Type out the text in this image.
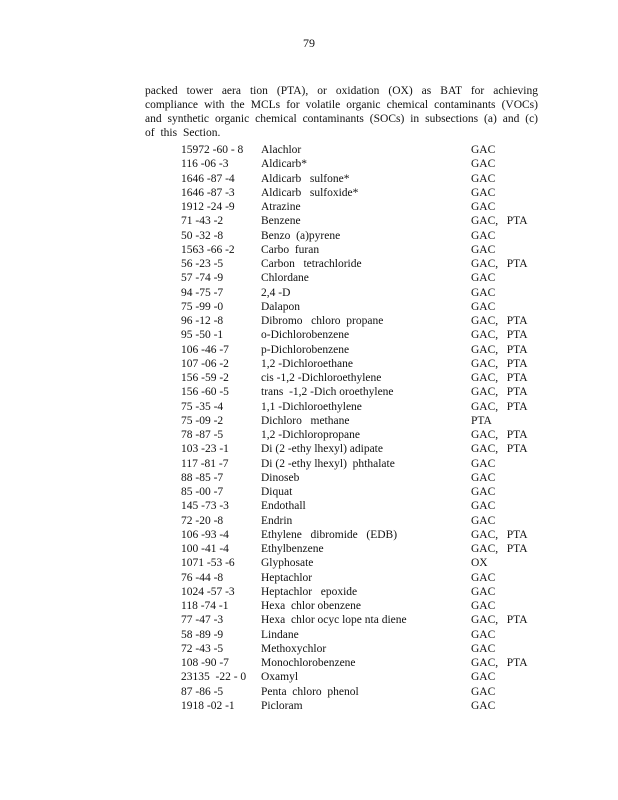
79

packed tower aera tion (PTA), or oxidation (OX) as BAT for achieving compliance with the MCLs for volatile organic chemical contaminants (VOCs) and synthetic organic chemical contaminants (SOCs) in subsections (a) and (c) of this Section.

15972 -60 - 8 Alachlor	GAC
116 -06 -3	Aldicarb*	GAC
1646 -87 -4 Aldicarb   sulfone*	GAC
1646 -87 -3 Aldicarb   sulfoxide*	GAC
1912 -24 -9 Atrazine	GAC
71 -43 -2	Benzene	GAC,   PTA
50 -32 -8	Benzo  (a)pyrene	GAC
1563 -66 -2 Carbo  furan	GAC
56 -23 -5	Carbon   tetrachloride	GAC,   PTA
57 -74 -9	Chlordane	GAC
94 -75 -7	2,4 -D	GAC
75 -99 -0	Dalapon	GAC
96 -12 -8	Dibromo   chloro  propane	GAC,   PTA
95 -50 -1	o-Dichlorobenzene	GAC,   PTA
106 -46 -7	p-Dichlorobenzene	GAC,   PTA
107 -06 -2	1,2 -Dichloroethane	GAC,   PTA
156 -59 -2	cis -1,2 -Dichloroethylene	GAC,   PTA
156 -60 -5	trans  -1,2 -Dich oroethylene	GAC,   PTA
75 -35 -4	1,1 -Dichloroethylene	GAC,   PTA
75 -09 -2	Dichloro   methane	PTA
78 -87 -5	1,2 -Dichloropropane	GAC,   PTA
103 -23 -1	Di (2 -ethy lhexyl) adipate	GAC,   PTA
117 -81 -7	Di (2 -ethy lhexyl)  phthalate	GAC
88 -85 -7	Dinoseb	GAC
85 -00 -7	Diquat	GAC
145 -73 -3	Endothall	GAC
72 -20 -8	Endrin	GAC
106 -93 -4	Ethylene   dibromide   (EDB)	GAC,   PTA
100 -41 -4	Ethylbenzene	GAC,   PTA
1071 -53 -6 Glyphosate	OX
76 -44 -8	Heptachlor	GAC
1024 -57 -3 Heptachlor   epoxide	GAC
118 -74 -1	Hexa  chlor obenzene	GAC
77 -47 -3	Hexa  chlor ocyc lope nta diene	GAC,   PTA
58 -89 -9	Lindane	GAC
72 -43 -5	Methoxychlor	GAC
108 -90 -7	Monochlorobenzene	GAC,   PTA
23135  -22 - 0 Oxamyl	GAC
87 -86 -5	Penta  chloro  phenol	GAC
1918 -02 -1 Picloram	GAC
